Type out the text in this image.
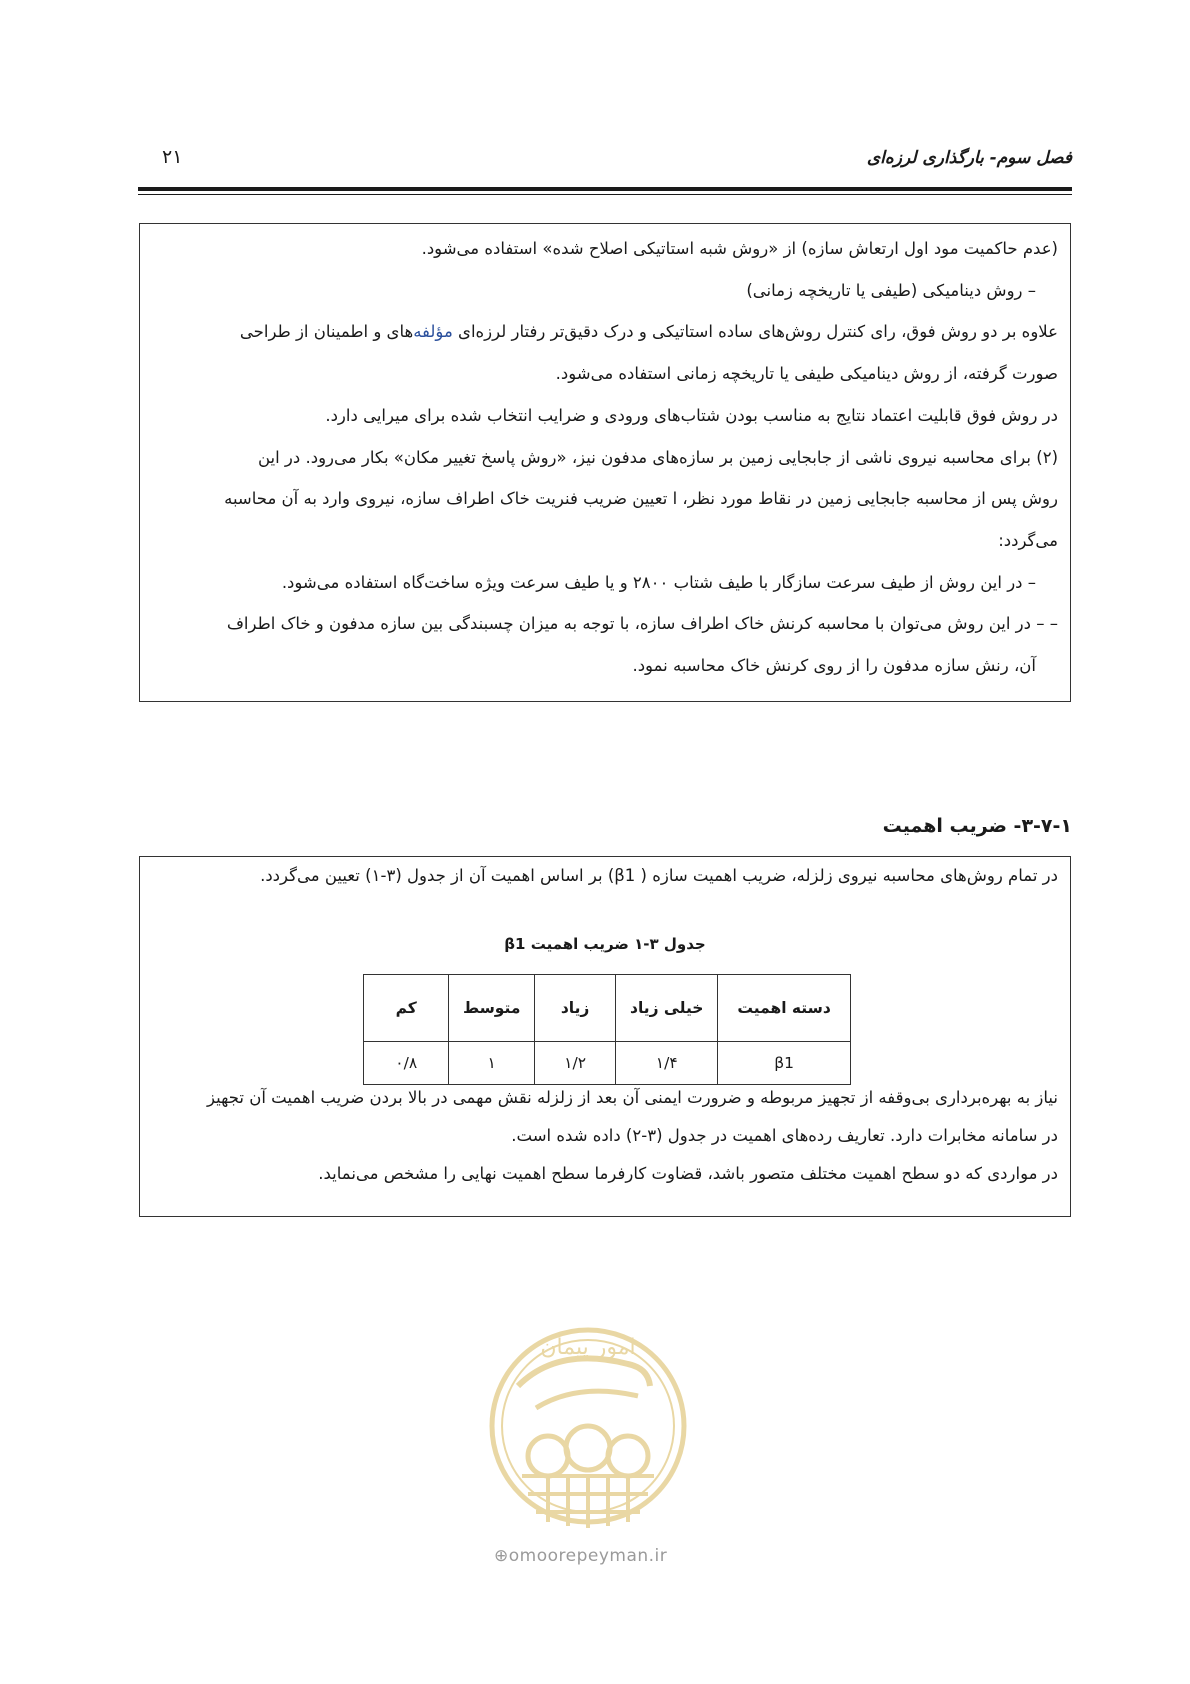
فصل سوم- بارگذاری لرزه‌ای
۲۱

(عدم حاکمیت مود اول ارتعاش سازه) از «روش شبه استاتیکی اصلاح شده» استفاده می‌شود.

– روش دینامیکی (طیفی یا تاریخچه زمانی)

علاوه بر دو روش فوق، رای کنترل روش‌های ساده استاتیکی و درک دقیق‌تر رفتار لرزه‌ای مؤلفه‌های و اطمینان از طراحی

صورت گرفته، از روش دینامیکی طیفی یا تاریخچه زمانی استفاده می‌شود.

در روش فوق قابلیت اعتماد نتایج به مناسب بودن شتاب‌های ورودی و ضرایب انتخاب شده برای میرایی دارد.

(۲) برای محاسبه نیروی ناشی از جابجایی زمین بر سازه‌های مدفون نیز، «روش پاسخ تغییر مکان» بکار می‌رود. در این

روش پس از محاسبه جابجایی زمین در نقاط مورد نظر، ا تعیین ضریب فنریت خاک اطراف سازه، نیروی وارد به آن محاسبه

می‌گردد:

– در این روش از طیف سرعت سازگار با طیف شتاب ۲۸۰۰ و یا طیف سرعت ویژه ساخت‌گاه استفاده می‌شود.

– – در این روش می‌توان با محاسبه کرنش خاک اطراف سازه، با توجه به میزان چسبندگی بین سازه مدفون و خاک اطراف

آن، رنش سازه مدفون را از روی کرنش خاک محاسبه نمود.

۳-۷-۱- ضریب اهمیت

در تمام روش‌های محاسبه نیروی زلزله، ضریب اهمیت سازه ( β1) بر اساس اهمیت آن از جدول (۳-۱) تعیین می‌گردد.

جدول ۳-۱ ضریب اهمیت β1
دسته اهمیت	خیلی زیاد	زیاد	متوسط	کم
β1	۱/۴	۱/۲	۱	۰/۸

نیاز به بهره‌برداری بی‌وقفه از تجهیز مربوطه و ضرورت ایمنی آن بعد از زلزله نقش مهمی در بالا بردن ضریب اهمیت آن تجهیز

در سامانه مخابرات دارد. تعاریف رده‌های اهمیت در جدول (۳-۲) داده شده است.

در مواردی که دو سطح اهمیت مختلف متصور باشد، قضاوت کارفرما سطح اهمیت نهایی را مشخص می‌نماید.

امور پیمان
⊕omoorepeyman.ir
